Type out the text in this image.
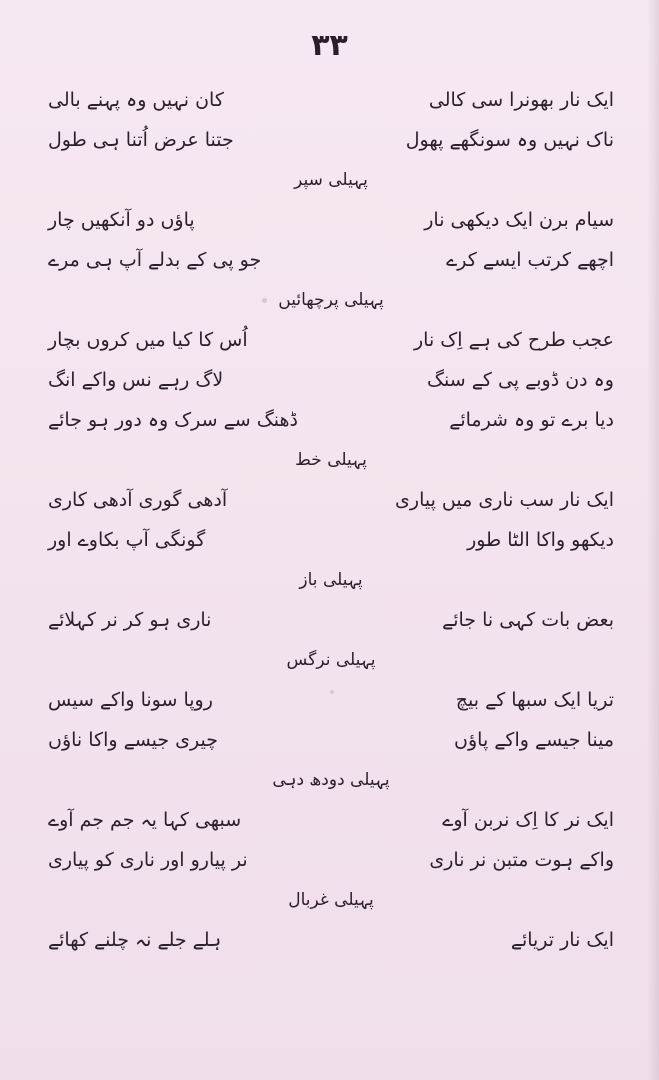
۳۳
ایک نار بھونرا سی کالی
کان نہیں وہ پہنے بالی
ناک نہیں وہ سونگھے پھول
جتنا عرض اُتنا ہی طول
پہیلی سپر
سیام برن ایک دیکھی نار
پاؤں دو آنکھیں چار
اچھے کرتب ایسے کرے
جو پی کے بدلے آپ ہی مرے
پہیلی پرچھائیں
عجب طرح کی ہے اِک نار
اُس کا کیا میں کروں بچار
وہ دن ڈوبے پی کے سنگ
لاگ رہے نس واکے انگ
دیا برے تو وہ شرمائے
ڈھنگ سے سرک وہ دور ہو جائے
پہیلی خط
ایک نار سب ناری میں پیاری
آدھی گوری آدھی کاری
دیکھو واکا الٹا طور
گونگی آپ بکاوے اور
پہیلی باز
بعض بات کہی نا جائے
ناری ہو کر نر کہلائے
پہیلی نرگس
تریا ایک سبھا کے بیچ
روپا سونا واکے سیس
مینا جیسے واکے پاؤں
چیری جیسے واکا ناؤں
پہیلی دودھ دہی
ایک نر کا اِک نربن آوے
سبھی کہا یہ جم جم آوے
واکے ہوت متبن نر ناری
نر پیارو اور ناری کو پیاری
پہیلی غربال
ایک نار تریائے
ہلے جلے نہ چلنے کھائے
